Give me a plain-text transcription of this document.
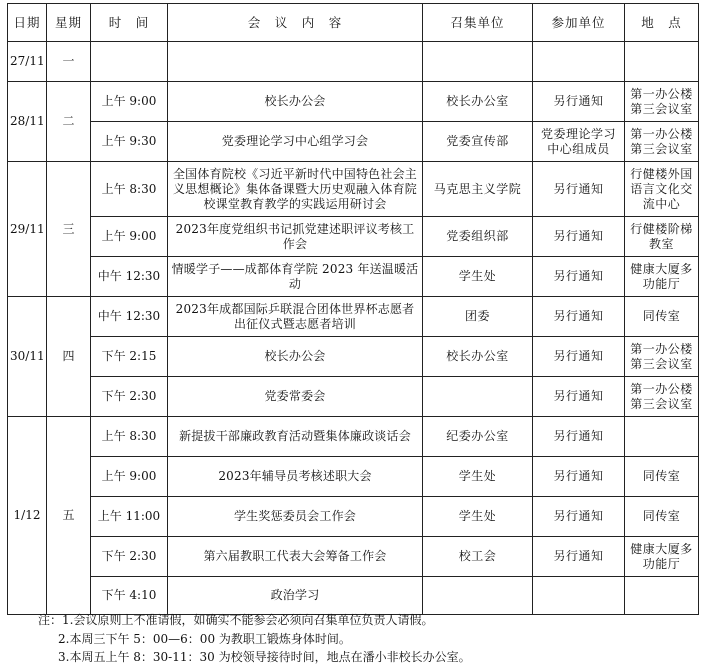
日期	星期	时　间	会　议　内　容	召集单位	参加单位	地　点
27/11	一					
28/11	二	上午 9:00	校长办公会	校长办公室	另行通知	第一办公楼第三会议室
		上午 9:30	党委理论学习中心组学习会	党委宣传部	党委理论学习中心组成员	第一办公楼第三会议室
29/11	三	上午 8:30	全国体育院校《习近平新时代中国特色社会主义思想概论》集体备课暨大历史观融入体育院校课堂教育教学的实践运用研讨会	马克思主义学院	另行通知	行健楼外国语言文化交流中心
		上午 9:00	2023年度党组织书记抓党建述职评议考核工作会	党委组织部	另行通知	行健楼阶梯教室
		中午 12:30	情暖学子——成都体育学院 2023 年送温暖活动	学生处	另行通知	健康大厦多功能厅
30/11	四	中午 12:30	2023年成都国际乒联混合团体世界杯志愿者出征仪式暨志愿者培训	团委	另行通知	同传室
		下午 2:15	校长办公会	校长办公室	另行通知	第一办公楼第三会议室
		下午 2:30	党委常委会		另行通知	第一办公楼第三会议室
1/12	五	上午 8:30	新提拔干部廉政教育活动暨集体廉政谈话会	纪委办公室	另行通知	
		上午 9:00	2023年辅导员考核述职大会	学生处	另行通知	同传室
		上午 11:00	学生奖惩委员会工作会	学生处	另行通知	同传室
		下午 2:30	第六届教职工代表大会筹备工作会	校工会	另行通知	健康大厦多功能厅
		下午 4:10	政治学习			

注：1.会议原则上不准请假，如确实不能参会必须向召集单位负责人请假。

2.本周三下午 5：00—6：00 为教职工锻炼身体时间。

3.本周五上午 8：30-11：30 为校领导接待时间，地点在潘小非校长办公室。
